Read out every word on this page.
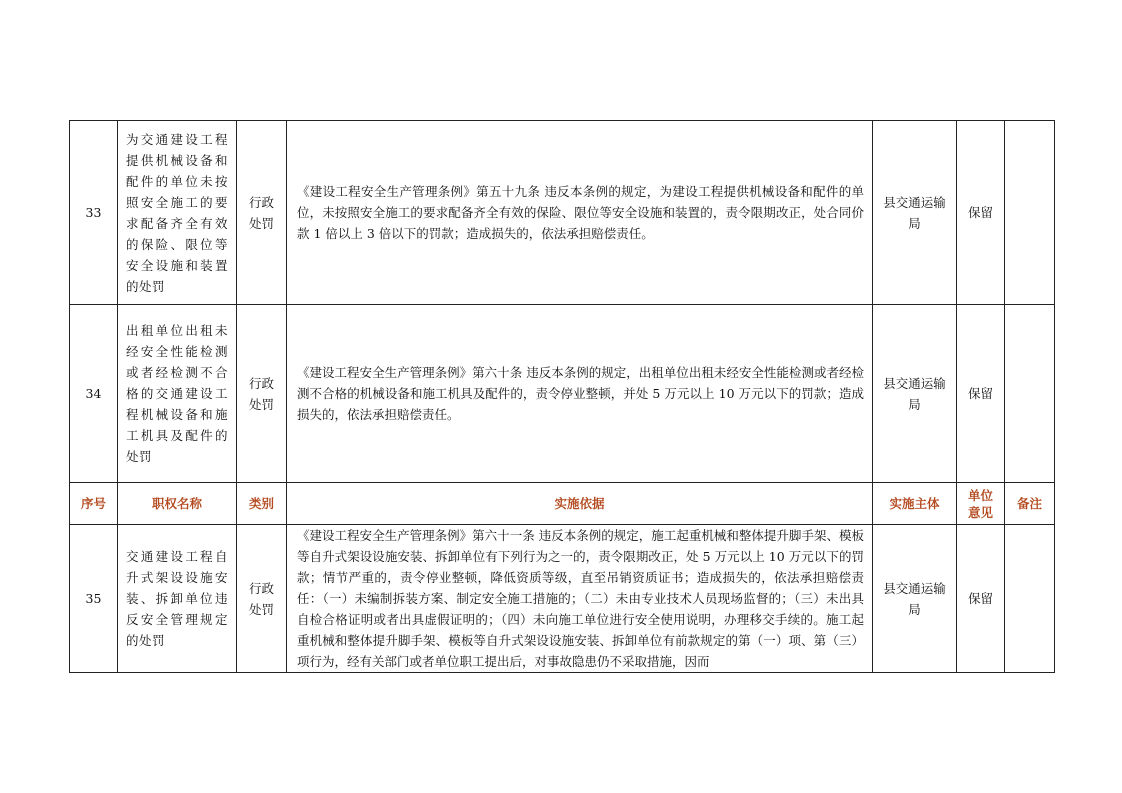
33	为交通建设工程提供机械设备和配件的单位未按照安全施工的要求配备齐全有效的保险、限位等安全设施和装置的处罚	行政处罚	《建设工程安全生产管理条例》第五十九条 违反本条例的规定，为建设工程提供机械设备和配件的单位，未按照安全施工的要求配备齐全有效的保险、限位等安全设施和装置的，责令限期改正，处合同价款 1 倍以上 3 倍以下的罚款；造成损失的，依法承担赔偿责任。	县交通运输局	保留	
34	出租单位出租未经安全性能检测或者经检测不合格的交通建设工程机械设备和施工机具及配件的处罚	行政处罚	《建设工程安全生产管理条例》第六十条 违反本条例的规定，出租单位出租未经安全性能检测或者经检测不合格的机械设备和施工机具及配件的，责令停业整顿，并处 5 万元以上 10 万元以下的罚款；造成损失的，依法承担赔偿责任。	县交通运输局	保留	
序号	职权名称	类别	实施依据	实施主体	单位意见	备注
35	交通建设工程自升式架设设施安装、拆卸单位违反安全管理规定的处罚	行政处罚	《建设工程安全生产管理条例》第六十一条 违反本条例的规定，施工起重机械和整体提升脚手架、模板等自升式架设设施安装、拆卸单位有下列行为之一的，责令限期改正，处 5 万元以上 10 万元以下的罚款；情节严重的，责令停业整顿，降低资质等级，直至吊销资质证书；造成损失的，依法承担赔偿责任：（一）未编制拆装方案、制定安全施工措施的；（二）未由专业技术人员现场监督的；（三）未出具自检合格证明或者出具虚假证明的；（四）未向施工单位进行安全使用说明，办理移交手续的。施工起重机械和整体提升脚手架、模板等自升式架设设施安装、拆卸单位有前款规定的第（一）项、第（三）项行为，经有关部门或者单位职工提出后，对事故隐患仍不采取措施，因而	县交通运输局	保留	
